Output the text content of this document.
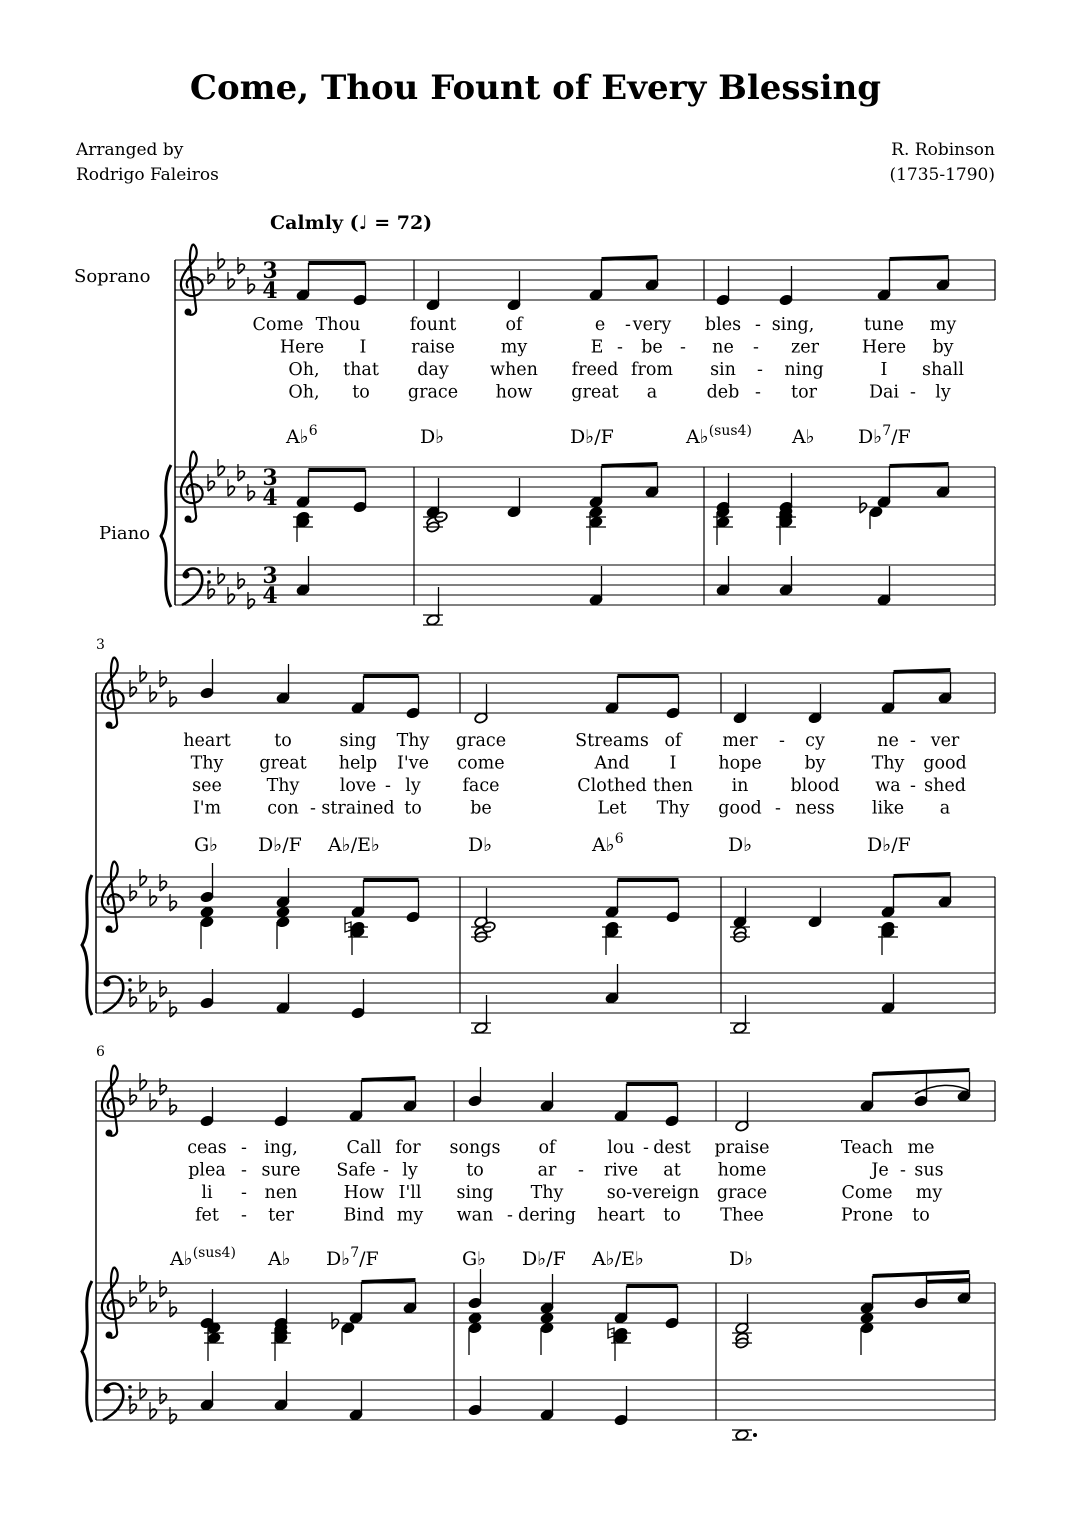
Come, Thou Fount of Every Blessing
Arranged by
Rodrigo Faleiros
R. Robinson
(1735-1790)
Calmly (♩ = 72)
Soprano
Piano
3
6
3
4
3
4
3
4
Come Thou	fount	of	e - very bles - sing,	tune my
Here I	raise	my	E - be - ne - zer Here by
Oh, that day when freed from sin - ning	I shall
Oh, to grace how great a	deb - tor	Dai - ly
A♭$^6$	D♭	D♭/F	A♭$^{(sus4)}$ A♭ D♭$^7$/F
heart to	sing Thy grace	Streams of mer - cy	ne - ver
Thy great help I've come	And I hope by	Thy good
see	Thy love - ly face	Clothed then in blood wa - shed
I'm	con - strained to	be	Let Thy good - ness like a
G♭ D♭/F A♭/E♭	D♭	A♭$^6$	D♭	D♭/F
ceas - ing,	Call for songs of	lou - dest praise	Teach me
plea - sure Safe - ly	to	ar - rive at home	Je - sus
li - nen	How I'll sing Thy so-vereign grace	Come my
fet - ter	Bind my wan - dering heart to Thee	Prone to
A♭$^{(sus4)}$ A♭ D♭$^7$/F	G♭ D♭/F A♭/E♭	D♭
